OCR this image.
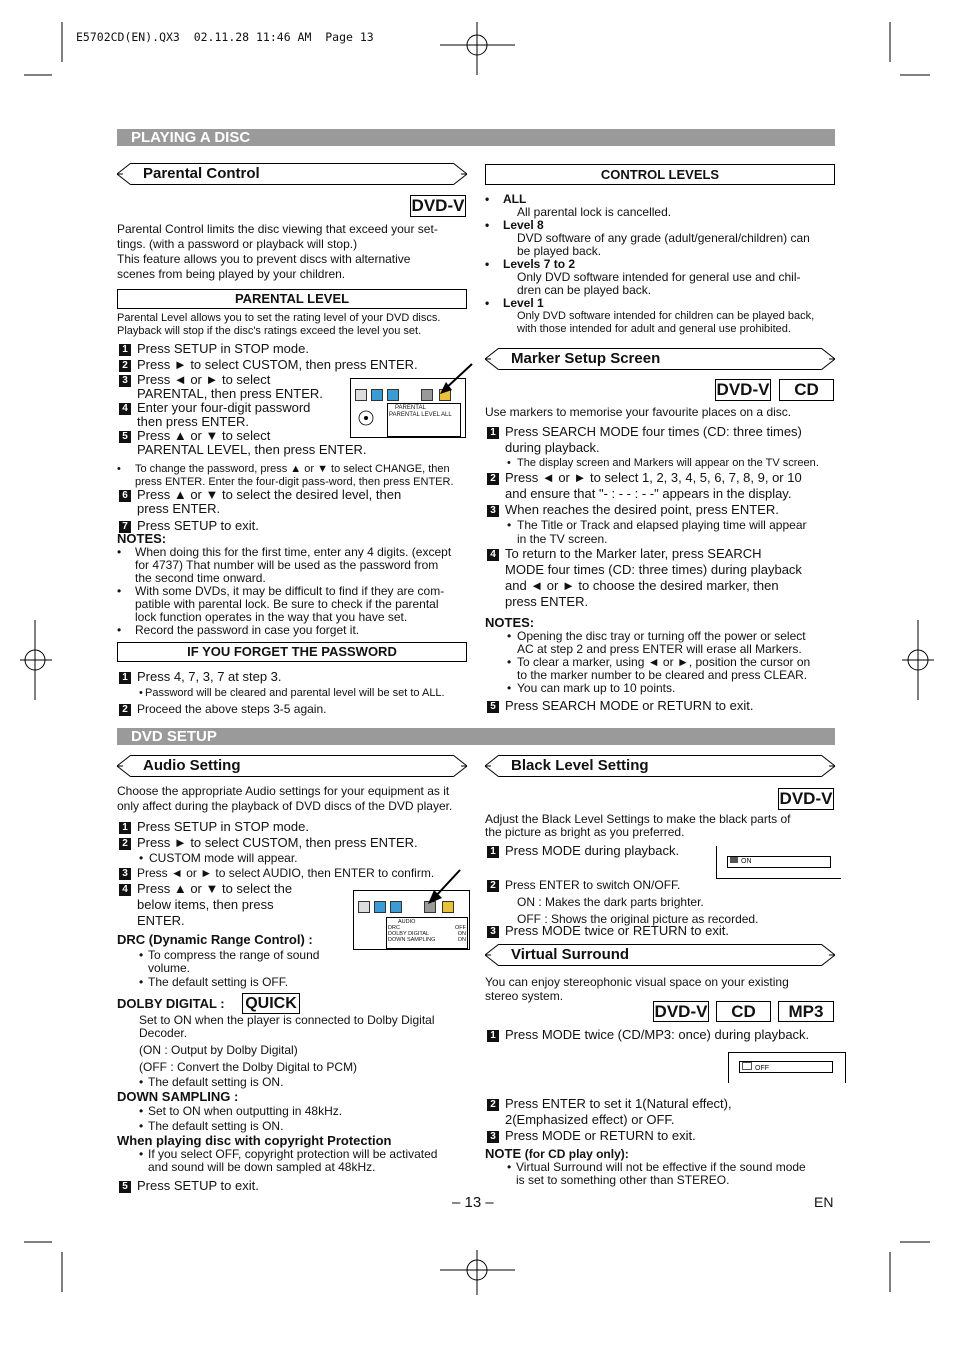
E5702CD(EN).QX3  02.11.28 11:46 AM  Page 13
PLAYING A DISC
DVD SETUP
Parental Control
DVD-V
Parental Control limits the disc viewing that exceed your set-
tings. (with a password or playback will stop.)
This feature allows you to prevent discs with alternative
scenes from being played by your children.
PARENTAL LEVEL
Parental Level allows you to set the rating level of your DVD discs.
Playback will stop if the disc's ratings exceed the level you set.
1 Press SETUP in STOP mode.
2 Press ► to select CUSTOM, then press ENTER.
3 Press ◄ or ► to select
PARENTAL, then press ENTER.
4 Enter your four-digit password
then press ENTER.
5 Press ▲ or ▼ to select
PARENTAL LEVEL, then press ENTER.
PARENTAL
PARENTAL LEVEL ALL
• To change the password, press ▲ or ▼ to select CHANGE, then
press ENTER. Enter the four-digit pass-word, then press ENTER.
6 Press ▲ or ▼ to select the desired level, then
press ENTER.
7 Press SETUP to exit.
NOTES:
• When doing this for the first time, enter any 4 digits. (except
for 4737) That number will be used as the password from
the second time onward.
• With some DVDs, it may be difficult to find if they are com-
patible with parental lock. Be sure to check if the parental
lock function operates in the way that you have set.
• Record the password in case you forget it.
IF YOU FORGET THE PASSWORD
1 Press 4, 7, 3, 7 at step 3.
• Password will be cleared and parental level will be set to ALL.
2 Proceed the above steps 3-5 again.
CONTROL LEVELS
• ALL
All parental lock is cancelled.
• Level 8
DVD software of any grade (adult/general/children) can
be played back.
• Levels 7 to 2
Only DVD software intended for general use and chil-
dren can be played back.
• Level 1
Only DVD software intended for children can be played back,
with those intended for adult and general use prohibited.
Marker Setup Screen
DVD-V	CD
Use markers to memorise your favourite places on a disc.
1 Press SEARCH MODE four times (CD: three times)
during playback.
• The display screen and Markers will appear on the TV screen.
2 Press ◄ or ► to select 1, 2, 3, 4, 5, 6, 7, 8, 9, or 10
and ensure that "- : - - : - -" appears in the display.
3 When reaches the desired point, press ENTER.
• The Title or Track and elapsed playing time will appear
in the TV screen.
4 To return to the Marker later, press SEARCH
MODE four times (CD: three times) during playback
and ◄ or ► to choose the desired marker, then
press ENTER.
NOTES:
• Opening the disc tray or turning off the power or select
AC at step 2 and press ENTER will erase all Markers.
• To clear a marker, using ◄ or ►, position the cursor on
to the marker number to be cleared and press CLEAR.
• You can mark up to 10 points.
5 Press SEARCH MODE or RETURN to exit.
Audio Setting
Choose the appropriate Audio settings for your equipment as it
only affect during the playback of DVD discs of the DVD player.
1 Press SETUP in STOP mode.
2 Press ► to select CUSTOM, then press ENTER.
• CUSTOM mode will appear.
3 Press ◄ or ► to select AUDIO, then ENTER to confirm.
4 Press ▲ or ▼ to select the
below items, then press
ENTER.	AUDIO
DRC	OFF
DOLBY DIGITAL	ON
DOWN SAMPLING	ON
DRC (Dynamic Range Control) :
• To compress the range of sound
volume.
• The default setting is OFF.
DOLBY DIGITAL : QUICK
Set to ON when the player is connected to Dolby Digital
Decoder.
(ON : Output by Dolby Digital)
(OFF : Convert the Dolby Digital to PCM)
• The default setting is ON.
DOWN SAMPLING :
• Set to ON when outputting in 48kHz.
• The default setting is ON.
When playing disc with copyright Protection
• If you select OFF, copyright protection will be activated
and sound will be down sampled at 48kHz.
5 Press SETUP to exit.
Black Level Setting
DVD-V
Adjust the Black Level Settings to make the black parts of
the picture as bright as you preferred.
1 Press MODE during playback.
ON
2 Press ENTER to switch ON/OFF.
ON : Makes the dark parts brighter.
OFF : Shows the original picture as recorded.
3 Press MODE twice or RETURN to exit.
Virtual Surround
You can enjoy stereophonic visual space on your existing
stereo system.
DVD-V	CD	MP3
1 Press MODE twice (CD/MP3: once) during playback.
OFF
2 Press ENTER to set it 1(Natural effect),
2(Emphasized effect) or OFF.
3 Press MODE or RETURN to exit.
NOTE (for CD play only):
• Virtual Surround will not be effective if the sound mode
is set to something other than STEREO.
– 13 –	EN
